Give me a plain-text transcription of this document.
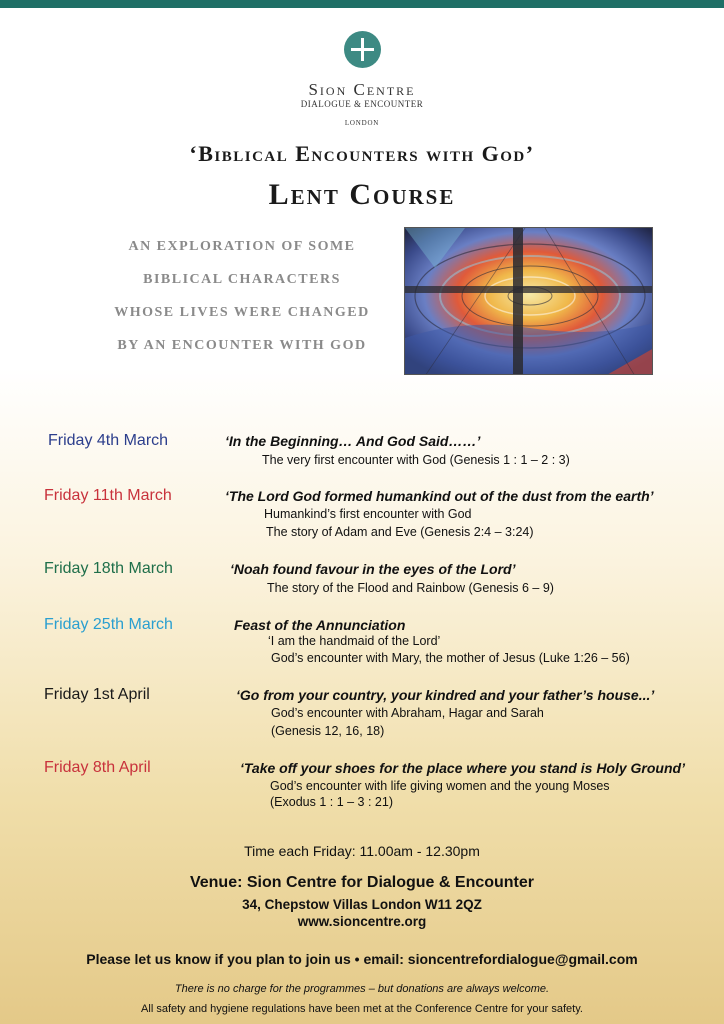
Sion Centre
DIALOGUE & ENCOUNTER
LONDON
‘Biblical Encounters with God’
Lent Course
AN EXPLORATION OF SOME
BIBLICAL CHARACTERS
WHOSE LIVES WERE CHANGED
BY AN ENCOUNTER WITH GOD
Friday 4th March	‘In the Beginning… And God Said……’
The very first encounter with God (Genesis 1 : 1 – 2 : 3)
Friday 11th March	‘The Lord God formed humankind out of the dust from the earth’
Humankind’s first encounter with God
The story of Adam and Eve (Genesis 2:4 – 3:24)
Friday 18th March	‘Noah found favour in the eyes of the Lord’
The story of the Flood and Rainbow (Genesis 6 – 9)
Friday 25th March	Feast of the Annunciation
‘I am the handmaid of the Lord’
God’s encounter with Mary, the mother of Jesus (Luke 1:26 – 56)
Friday 1st April	‘Go from your country, your kindred and your father’s house...’
God’s encounter with Abraham, Hagar and Sarah
(Genesis 12, 16, 18)
Friday 8th April	‘Take off your shoes for the place where you stand is Holy Ground’
God’s encounter with life giving women and the young Moses
(Exodus 1 : 1 – 3 : 21)
Time each Friday: 11.00am - 12.30pm
Venue: Sion Centre for Dialogue & Encounter
34, Chepstow Villas London W11 2QZ
www.sioncentre.org
Please let us know if you plan to join us • email: sioncentrefordialogue@gmail.com
There is no charge for the programmes – but donations are always welcome.
All safety and hygiene regulations have been met at the Conference Centre for your safety.
